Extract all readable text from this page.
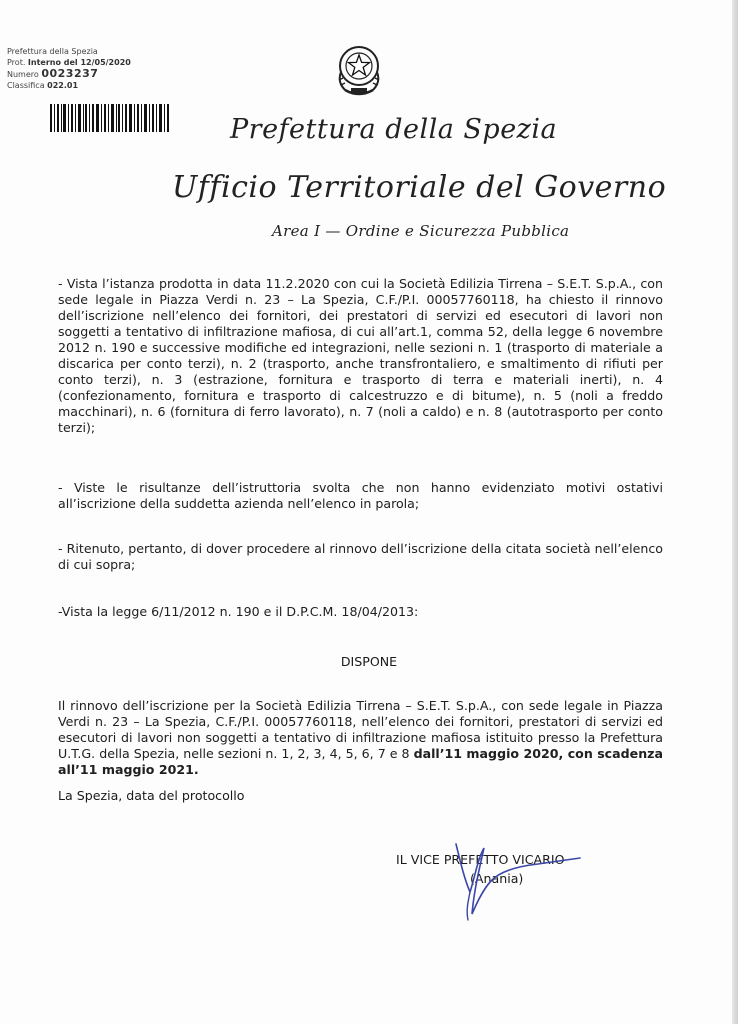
Prefettura della Spezia
Prot. Interno del 12/05/2020
Numero 0023237
Classifica 022.01
Prefettura della Spezia
Ufficio Territoriale del Governo
Area I — Ordine e Sicurezza Pubblica
- Vista l’istanza prodotta in data 11.2.2020 con cui la Società Edilizia Tirrena – S.E.T. S.p.A., con sede legale in Piazza Verdi n. 23 – La Spezia, C.F./P.I. 00057760118, ha chiesto il rinnovo dell’iscrizione nell’elenco dei fornitori, dei prestatori di servizi ed esecutori di lavori non soggetti a tentativo di infiltrazione mafiosa, di cui all’art.1, comma 52, della legge 6 novembre 2012 n. 190 e successive modifiche ed integrazioni, nelle sezioni n. 1 (trasporto di materiale a discarica per conto terzi), n. 2 (trasporto, anche transfrontaliero, e smaltimento di rifiuti per conto terzi), n. 3 (estrazione, fornitura e trasporto di terra e materiali inerti), n. 4 (confezionamento, fornitura e trasporto di calcestruzzo e di bitume), n. 5 (noli a freddo macchinari), n. 6 (fornitura di ferro lavorato), n. 7 (noli a caldo) e n. 8 (autotrasporto per conto terzi);
- Viste le risultanze dell’istruttoria svolta che non hanno evidenziato motivi ostativi all’iscrizione della suddetta azienda nell’elenco in parola;
- Ritenuto, pertanto, di dover procedere al rinnovo dell’iscrizione della citata società nell’elenco di cui sopra;
-Vista la legge 6/11/2012 n. 190 e il D.P.C.M. 18/04/2013:
DISPONE
Il rinnovo dell’iscrizione per la Società Edilizia Tirrena – S.E.T. S.p.A., con sede legale in Piazza Verdi n. 23 – La Spezia, C.F./P.I. 00057760118, nell’elenco dei fornitori, prestatori di servizi ed esecutori di lavori non soggetti a tentativo di infiltrazione mafiosa istituito presso la Prefettura U.T.G. della Spezia, nelle sezioni n. 1, 2, 3, 4, 5, 6, 7 e 8 dall’11 maggio 2020, con scadenza all’11 maggio 2021.
La Spezia, data del protocollo
IL VICE PREFETTO VICARIO
(Anania)
